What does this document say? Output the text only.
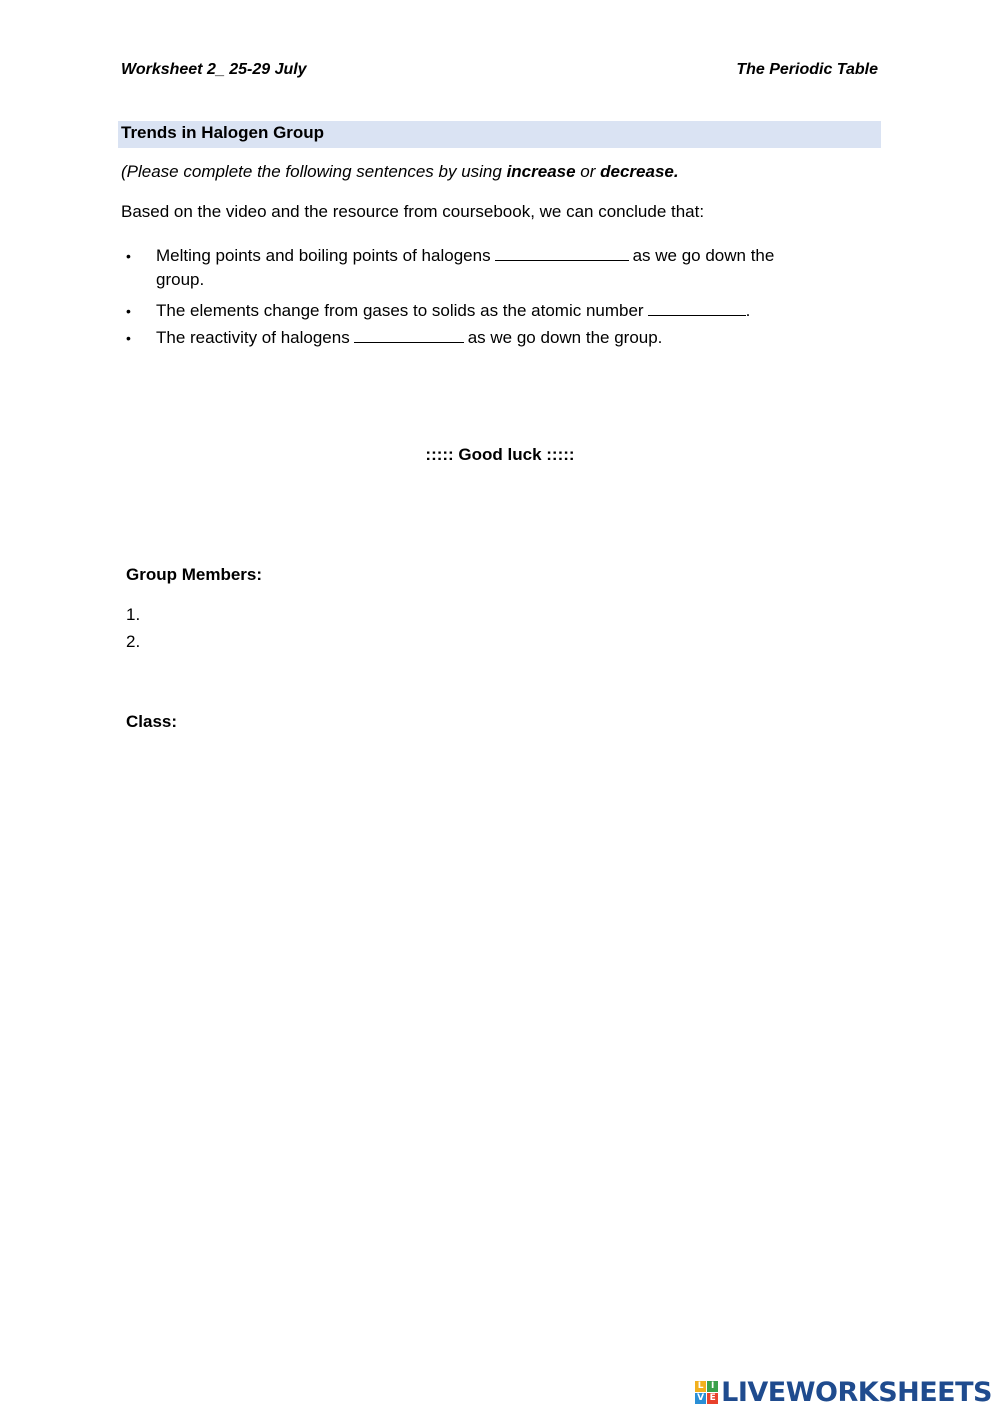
Worksheet 2_ 25-29 July	The Periodic Table
Trends in Halogen Group
(Please complete the following sentences by using increase or decrease.
Based on the video and the resource from coursebook, we can conclude that:
• Melting points and boiling points of halogens	as we go down the
group.
• The elements change from gases to solids as the atomic number	.
• The reactivity of halogens	as we go down the group.
::::: Good luck :::::
Group Members:
1.
2.
Class:
L I
V E LIVEWORKSHEETS
